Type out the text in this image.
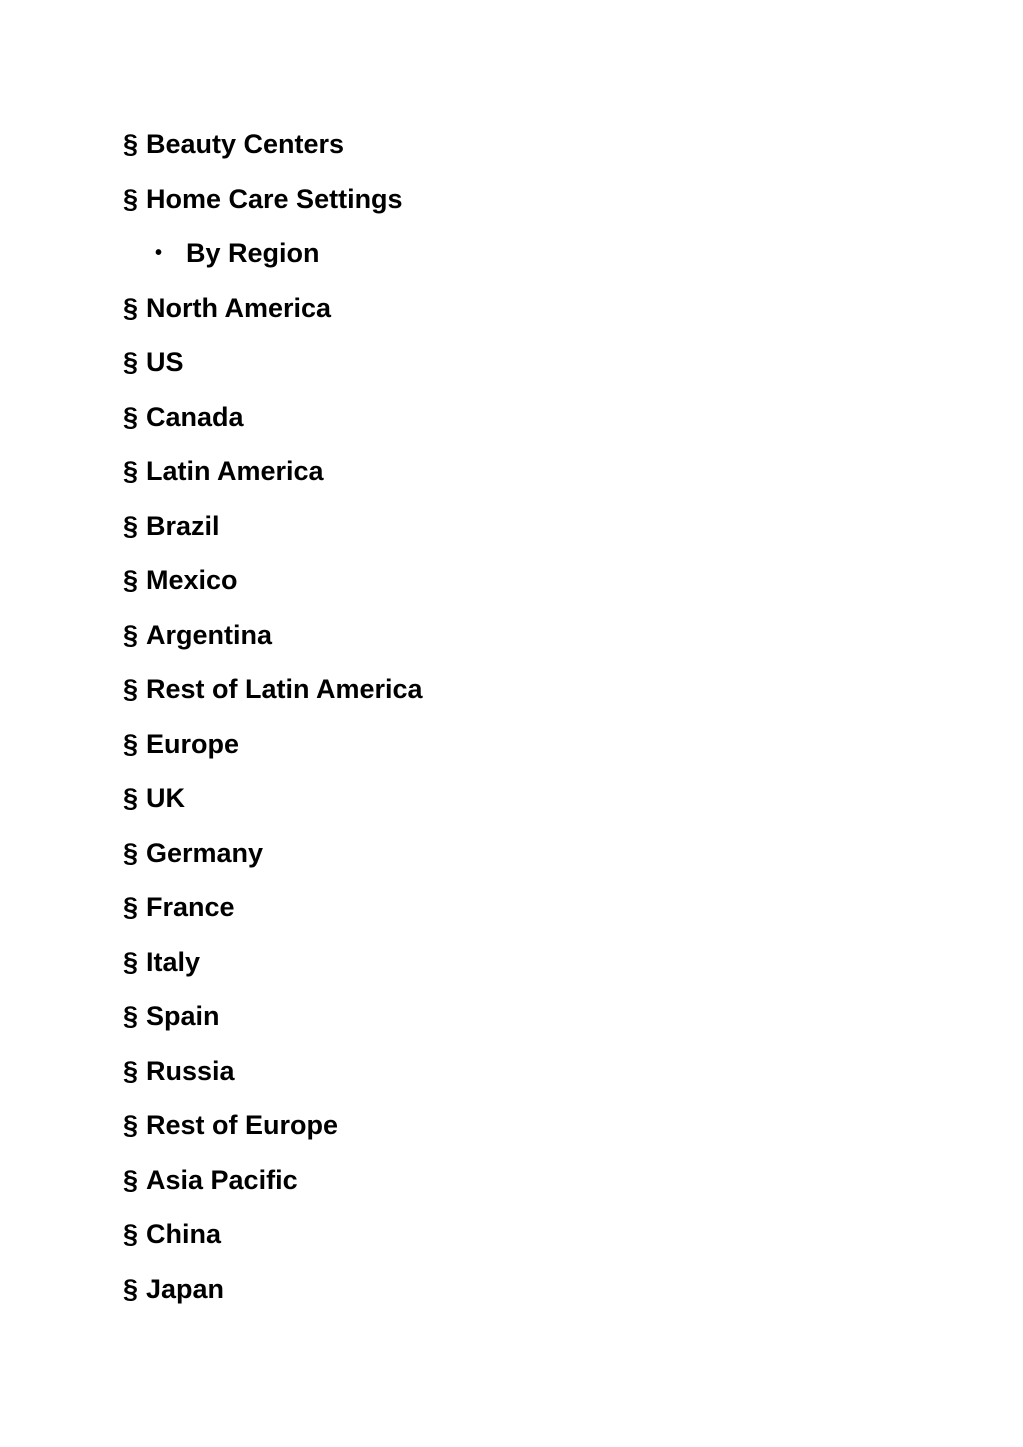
§ Beauty Centers
§ Home Care Settings
• By Region
§ North America
§ US
§ Canada
§ Latin America
§ Brazil
§ Mexico
§ Argentina
§ Rest of Latin America
§ Europe
§ UK
§ Germany
§ France
§ Italy
§ Spain
§ Russia
§ Rest of Europe
§ Asia Pacific
§ China
§ Japan
